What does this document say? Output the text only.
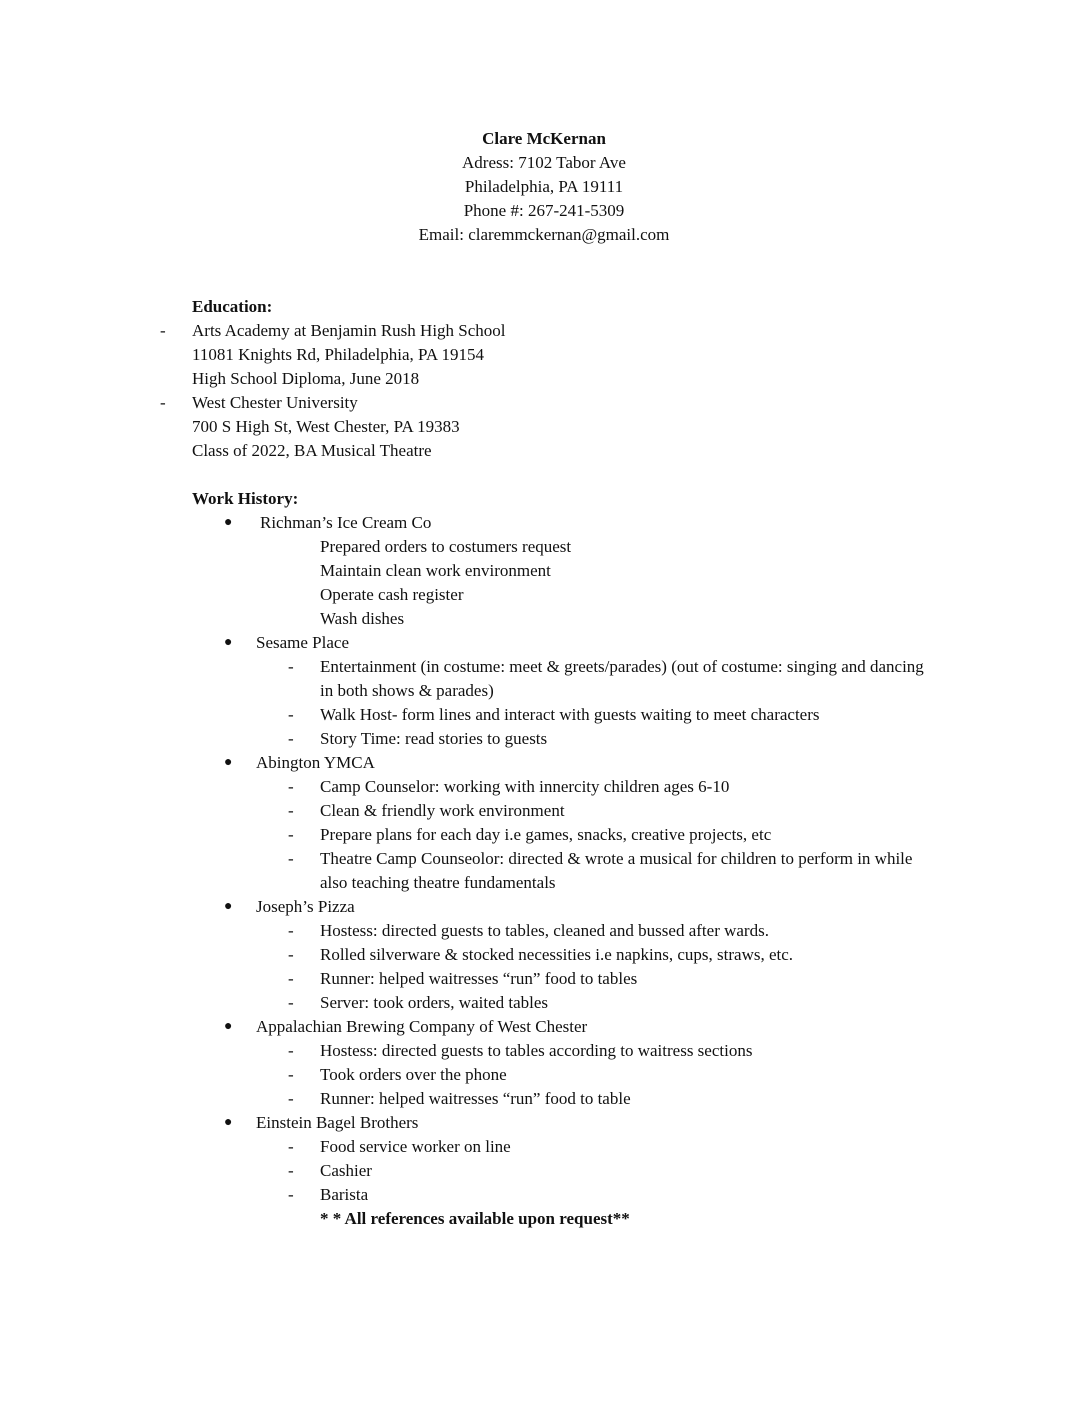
Clare McKernan
Adress: 7102 Tabor Ave
Philadelphia, PA 19111
Phone #: 267-241-5309
Email: claremmckernan@gmail.com
Education:
- Arts Academy at Benjamin Rush High School
11081 Knights Rd, Philadelphia, PA 19154
High School Diploma, June 2018
- West Chester University
700 S High St, West Chester, PA 19383
Class of 2022, BA Musical Theatre
Work History:
● Richman’s Ice Cream Co
Prepared orders to costumers request
Maintain clean work environment
Operate cash register
Wash dishes
● Sesame Place
- Entertainment (in costume: meet & greets/parades) (out of costume: singing and dancing
in both shows & parades)
- Walk Host- form lines and interact with guests waiting to meet characters
- Story Time: read stories to guests
● Abington YMCA
- Camp Counselor: working with innercity children ages 6-10
- Clean & friendly work environment
- Prepare plans for each day i.e games, snacks, creative projects, etc
- Theatre Camp Counseolor: directed & wrote a musical for children to perform in while
also teaching theatre fundamentals
● Joseph’s Pizza
- Hostess: directed guests to tables, cleaned and bussed after wards.
- Rolled silverware & stocked necessities i.e napkins, cups, straws, etc.
- Runner: helped waitresses “run” food to tables
- Server: took orders, waited tables
● Appalachian Brewing Company of West Chester
- Hostess: directed guests to tables according to waitress sections
- Took orders over the phone
- Runner: helped waitresses “run” food to table
● Einstein Bagel Brothers
- Food service worker on line
- Cashier
- Barista
* * All references available upon request**
